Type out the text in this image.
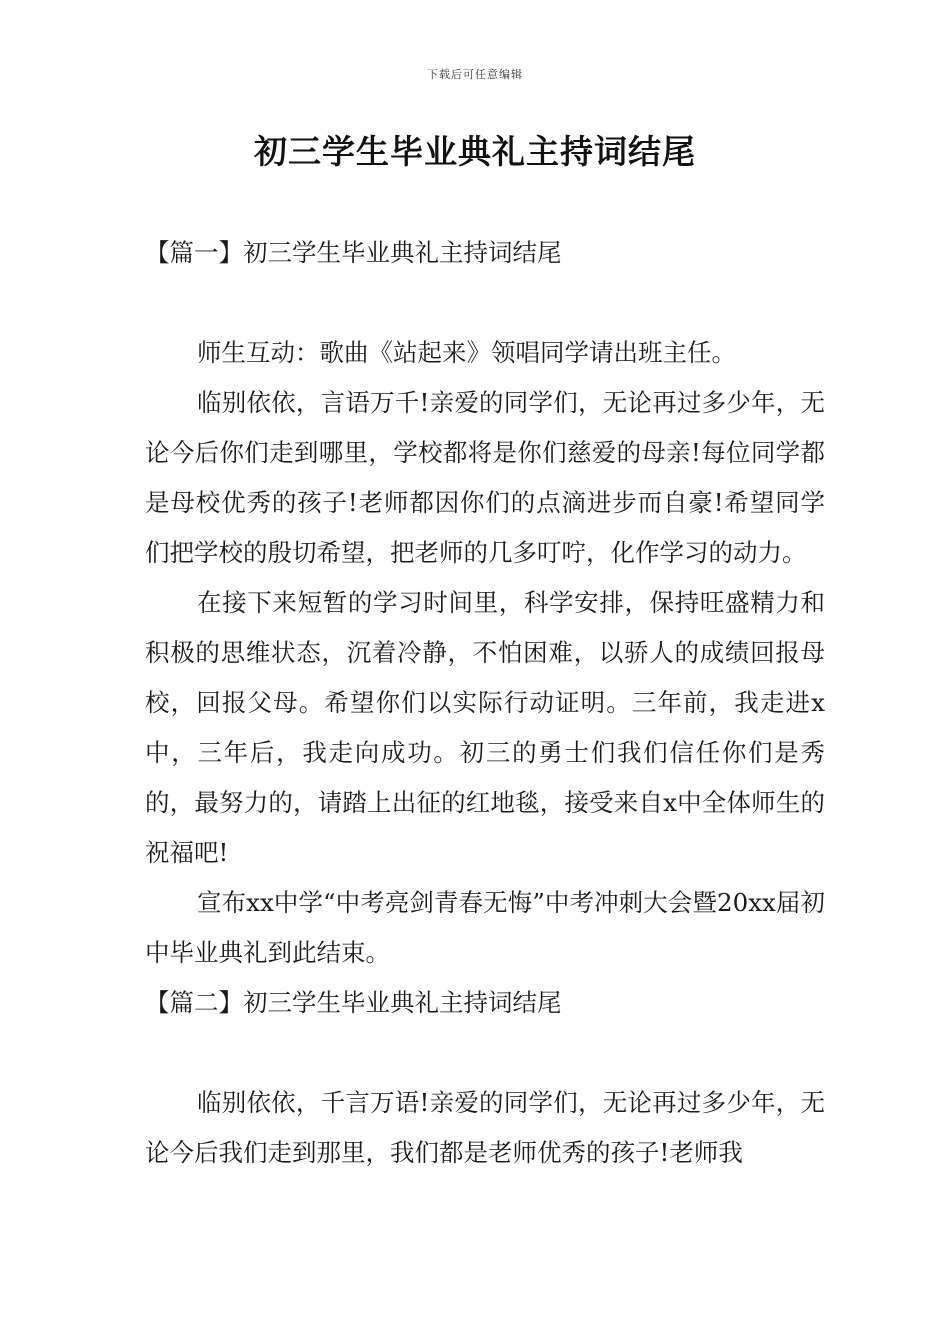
下载后可任意编辑
初三学生毕业典礼主持词结尾

【篇一】初三学生毕业典礼主持词结尾

师生互动：歌曲《站起来》领唱同学请出班主任。

临别依依，言语万千!亲爱的同学们，无论再过多少年，无论今后你们走到哪里，学校都将是你们慈爱的母亲!每位同学都是母校优秀的孩子!老师都因你们的点滴进步而自豪!希望同学们把学校的殷切希望，把老师的几多叮咛，化作学习的动力。

在接下来短暂的学习时间里，科学安排，保持旺盛精力和积极的思维状态，沉着冷静，不怕困难，以骄人的成绩回报母校，回报父母。希望你们以实际行动证明。三年前，我走进x中，三年后，我走向成功。初三的勇士们我们信任你们是秀的，最努力的，请踏上出征的红地毯，接受来自x中全体师生的祝福吧!

宣布xx中学“中考亮剑青春无悔”中考冲刺大会暨20xx届初中毕业典礼到此结束。

【篇二】初三学生毕业典礼主持词结尾

临别依依，千言万语!亲爱的同学们，无论再过多少年，无论今后我们走到那里，我们都是老师优秀的孩子!老师我
